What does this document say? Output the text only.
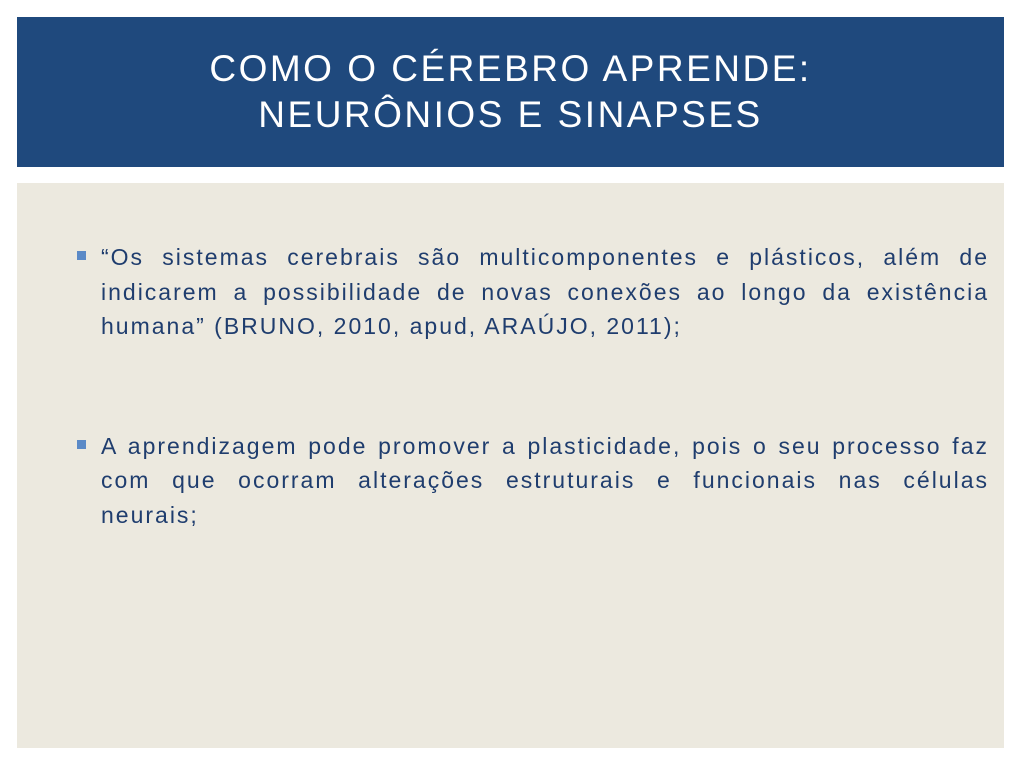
COMO O CÉREBRO APRENDE:
NEURÔNIOS E SINAPSES
“Os sistemas cerebrais são multicomponentes e plásticos, além de indicarem a possibilidade de novas conexões ao longo da existência humana” (BRUNO, 2010, apud, ARAÚJO, 2011);
A aprendizagem pode promover a plasticidade, pois o seu processo faz com que ocorram alterações estruturais e funcionais nas células neurais;
